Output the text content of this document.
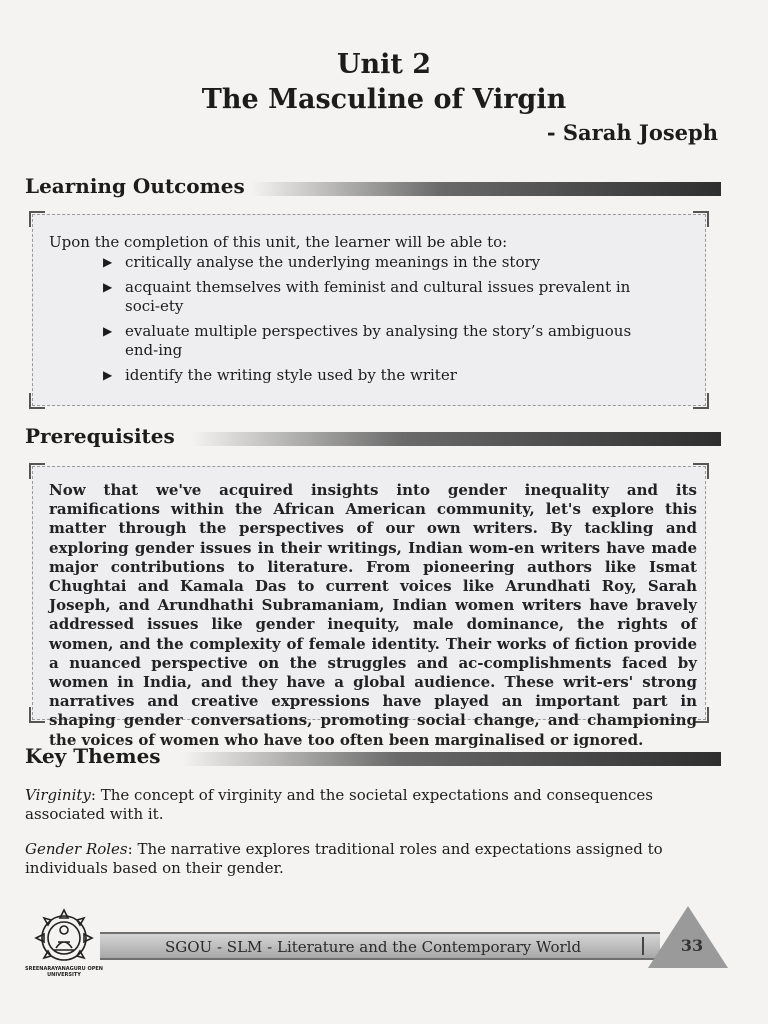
Unit 2
The Masculine of Virgin
- Sarah Joseph
Learning Outcomes
Upon the completion of this unit, the learner will be able to:
▶ critically analyse the underlying meanings in the story
▶ acquaint themselves with feminist and cultural issues prevalent in soci-ety
▶ evaluate multiple perspectives by analysing the story’s ambiguous end-ing
▶ identify the writing style used by the writer
Prerequisites
Now that we've acquired insights into gender inequality and its ramifications within the African American community, let's explore this matter through the perspectives of our own writers. By tackling and exploring gender issues in their writings, Indian wom-en writers have made major contributions to literature. From pioneering authors like Ismat Chughtai and Kamala Das to current voices like Arundhati Roy, Sarah Joseph, and Arundhathi Subramaniam, Indian women writers have bravely addressed issues like gender inequity, male dominance, the rights of women, and the complexity of female identity. Their works of fiction provide a nuanced perspective on the struggles and ac-complishments faced by women in India, and they have a global audience. These writ-ers' strong narratives and creative expressions have played an important part in shaping gender conversations, promoting social change, and championing the voices of women who have too often been marginalised or ignored.
Key Themes
Virginity: The concept of virginity and the societal expectations and consequences associated with it.
Gender Roles: The narrative explores traditional roles and expectations assigned to individuals based on their gender.
SREENARAYANAGURU OPEN UNIVERSITY
SGOU - SLM - Literature and the Contemporary World	33
